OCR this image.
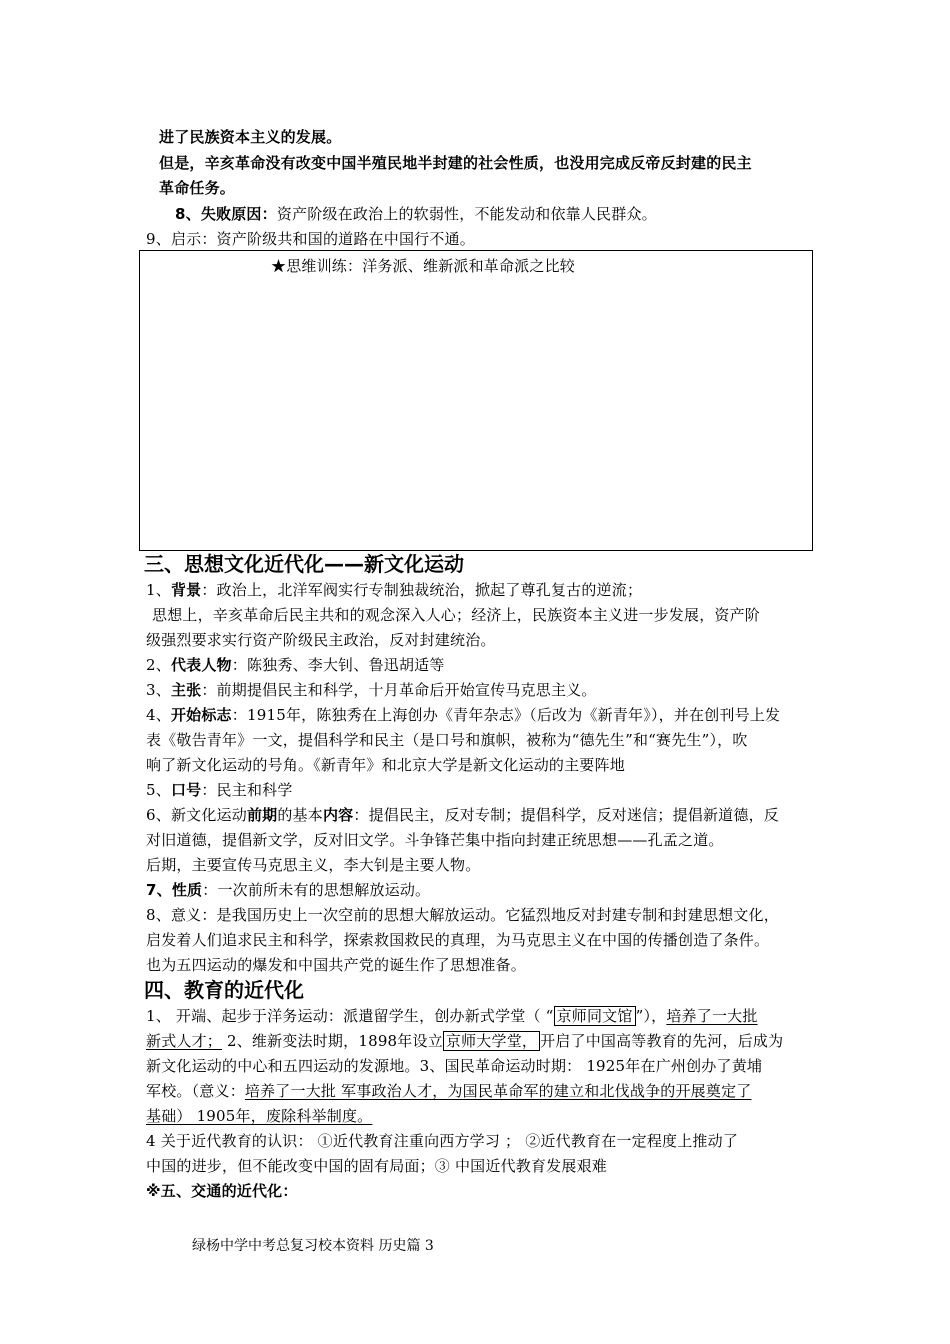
进了民族资本主义的发展。
但是，辛亥革命没有改变中国半殖民地半封建的社会性质，也没用完成反帝反封建的民主
革命任务。
8、失败原因：资产阶级在政治上的软弱性，不能发动和依靠人民群众。
9、启示：资产阶级共和国的道路在中国行不通。
★思维训练：洋务派、维新派和革命派之比较
三、思想文化近代化——新文化运动
1、背景：政治上，北洋军阀实行专制独裁统治，掀起了尊孔复古的逆流；
思想上，辛亥革命后民主共和的观念深入人心；经济上，民族资本主义进一步发展，资产阶
级强烈要求实行资产阶级民主政治，反对封建统治。
2、代表人物：陈独秀、李大钊、鲁迅胡适等
3、主张：前期提倡民主和科学，十月革命后开始宣传马克思主义。
4、开始标志：1915年，陈独秀在上海创办《青年杂志》（后改为《新青年》），并在创刊号上发
表《敬告青年》一文，提倡科学和民主（是口号和旗帜，被称为“德先生”和“赛先生”），吹
响了新文化运动的号角。《新青年》和北京大学是新文化运动的主要阵地
5、口号：民主和科学
6、新文化运动前期的基本内容：提倡民主，反对专制；提倡科学，反对迷信；提倡新道德，反
对旧道德，提倡新文学，反对旧文学。斗争锋芒集中指向封建正统思想——孔孟之道。
后期，主要宣传马克思主义，李大钊是主要人物。
7、性质：一次前所未有的思想解放运动。
8、意义：是我国历史上一次空前的思想大解放运动。它猛烈地反对封建专制和封建思想文化，
启发着人们追求民主和科学，探索救国救民的真理，为马克思主义在中国的传播创造了条件。
也为五四运动的爆发和中国共产党的诞生作了思想准备。
四、教育的近代化
1、 开端、起步于洋务运动：派遣留学生，创办新式学堂（ “ 京师同文馆 ”），培养了一大批
新式人才； 2、维新变法时期，1898年设立 京师大学堂， 开启了中国高等教育的先河，后成为
新文化运动的中心和五四运动的发源地。3、国民革命运动时期： 1925年在广州创办了黄埔
军校。（意义：培养了一大批 军事政治人才，为国民革命军的建立和北伐战争的开展奠定了
基础） 1905年，废除科举制度。
4 关于近代教育的认识： ①近代教育注重向西方学习 ； ②近代教育在一定程度上推动了
中国的进步，但不能改变中国的固有局面；③ 中国近代教育发展艰难
※五、交通的近代化：
绿杨中学中考总复习校本资料 历史篇 3
